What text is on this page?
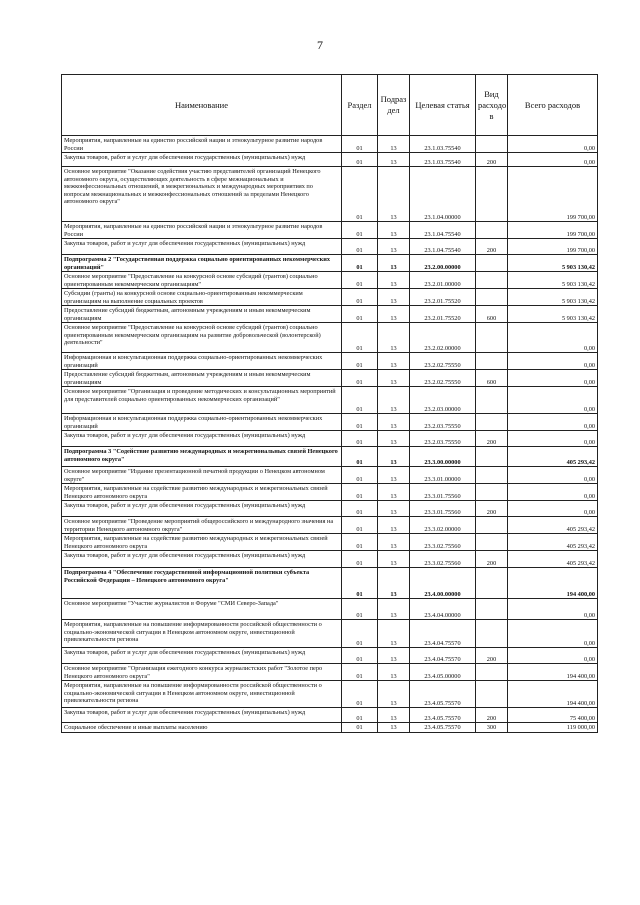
7
Наименование	Раздел	Подраз дел	Целевая статья	Вид расходо в	Всего расходов
Мероприятия, направленные на единство российской нации и этнокультурное развитие народов России	01	13	23.1.03.75540		0,00
Закупка товаров, работ и услуг для обеспечения государственных (муниципальных) нужд	01	13	23.1.03.75540	200	0,00
Основное мероприятие "Оказание содействия участию представителей организаций Ненецкого автономного округа, осуществляющих деятельность в сфере межнациональных и межконфессиональных отношений, в межрегиональных и международных мероприятиях по вопросам межнациональных и межконфессиональных отношений за пределами Ненецкого автономного округа"	01	13	23.1.04.00000		199 700,00
Мероприятия, направленные на единство российской нации и этнокультурное развитие народов России	01	13	23.1.04.75540		199 700,00
Закупка товаров, работ и услуг для обеспечения государственных (муниципальных) нужд	01	13	23.1.04.75540	200	199 700,00
Подпрограмма 2 "Государственная поддержка социально ориентированных некоммерческих организаций"	01	13	23.2.00.00000		5 903 130,42
Основное мероприятие "Предоставление на конкурсной основе субсидий (грантов) социально ориентированным некоммерческим организациям"	01	13	23.2.01.00000		5 903 130,42
Субсидии (гранты) на конкурсной основе социально-ориентированным некоммерческим организациям на выполнение социальных проектов	01	13	23.2.01.75520		5 903 130,42
Предоставление субсидий бюджетным, автономным учреждениям и иным некоммерческим организациям	01	13	23.2.01.75520	600	5 903 130,42
Основное мероприятие "Предоставление на конкурсной основе субсидий (грантов) социально ориентированным некоммерческим организациям на развитие добровольческой (волонтерской) деятельности"	01	13	23.2.02.00000		0,00
Информационная и консультационная поддержка социально-ориентированных некоммерческих организаций	01	13	23.2.02.75550		0,00
Предоставление субсидий бюджетным, автономным учреждениям и иным некоммерческим организациям	01	13	23.2.02.75550	600	0,00
Основное мероприятие "Организация и проведение методических и консультационных мероприятий для представителей социально ориентированных некоммерческих организаций"	01	13	23.2.03.00000		0,00
Информационная и консультационная поддержка социально-ориентированных некоммерческих организаций	01	13	23.2.03.75550		0,00
Закупка товаров, работ и услуг для обеспечения государственных (муниципальных) нужд	01	13	23.2.03.75550	200	0,00
Подпрограмма 3 "Содействие развитию международных и межрегиональных связей Ненецкого автономного округа"	01	13	23.3.00.00000		405 293,42
Основное мероприятие "Издание презентационной печатной продукции о Ненецком автономном округе"	01	13	23.3.01.00000		0,00
Мероприятия, направленные на содействие развитию международных и межрегиональных связей Ненецкого автономного округа	01	13	23.3.01.75560		0,00
Закупка товаров, работ и услуг для обеспечения государственных (муниципальных) нужд	01	13	23.3.01.75560	200	0,00
Основное мероприятие "Проведение мероприятий общероссийского и международного значения на территории Ненецкого автономного округа"	01	13	23.3.02.00000		405 293,42
Мероприятия, направленные на содействие развитию международных и межрегиональных связей Ненецкого автономного округа	01	13	23.3.02.75560		405 293,42
Закупка товаров, работ и услуг для обеспечения государственных (муниципальных) нужд	01	13	23.3.02.75560	200	405 293,42
Подпрограмма 4 "Обеспечение государственной информационной политики субъекта Российской Федерации – Ненецкого автономного округа"	01	13	23.4.00.00000		194 400,00
Основное мероприятие "Участие журналистов в Форуме "СМИ Северо-Запада"	01	13	23.4.04.00000		0,00
Мероприятия, направленные на повышение информированности российской общественности о социально-экономической ситуации в Ненецком автономном округе, инвестиционной привлекательности региона	01	13	23.4.04.75570		0,00
Закупка товаров, работ и услуг для обеспечения государственных (муниципальных) нужд	01	13	23.4.04.75570	200	0,00
Основное мероприятие "Организация ежегодного конкурса журналистских работ "Золотое перо Ненецкого автономного округа"	01	13	23.4.05.00000		194 400,00
Мероприятия, направленные на повышение информированности российской общественности о социально-экономической ситуации в Ненецком автономном округе, инвестиционной привлекательности региона	01	13	23.4.05.75570		194 400,00
Закупка товаров, работ и услуг для обеспечения государственных (муниципальных) нужд	01	13	23.4.05.75570	200	75 400,00
Социальное обеспечение и иные выплаты населению	01	13	23.4.05.75570	300	119 000,00
